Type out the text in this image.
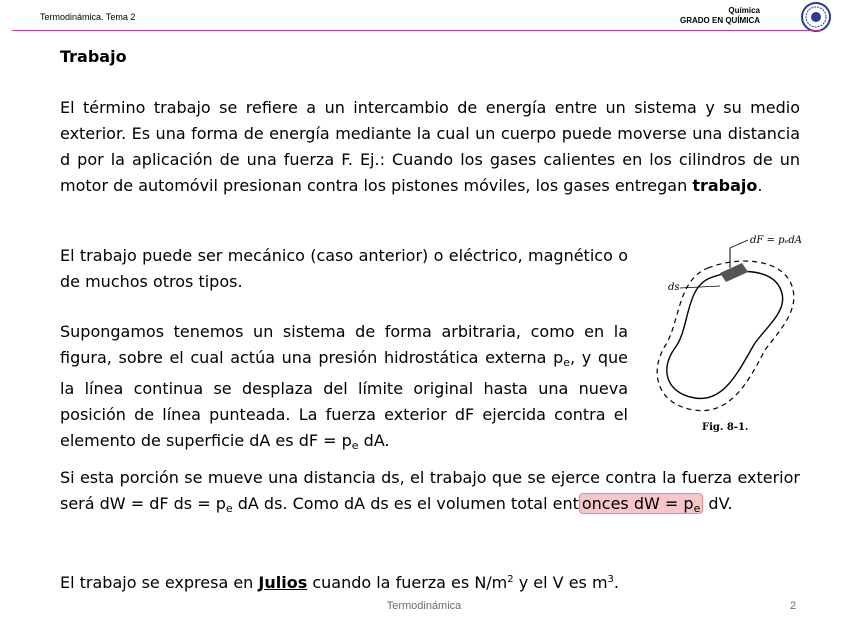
Termodinámica. Tema 2
Química
GRADO EN QUÍMICA
Trabajo

El término trabajo se refiere a un intercambio de energía entre un sistema y su medio exterior. Es una forma de energía mediante la cual un cuerpo puede moverse una distancia d por la aplicación de una fuerza F. Ej.: Cuando los gases calientes en los cilindros de un motor de automóvil presionan contra los pistones móviles, los gases entregan trabajo.

El trabajo puede ser mecánico (caso anterior) o eléctrico, magnético o de muchos otros tipos.

Supongamos tenemos un sistema de forma arbitraria, como en la figura, sobre el cual actúa una presión hidrostática externa $p_e$, y que la línea continua se desplaza del límite original hasta una nueva posición de línea punteada. La fuerza exterior dF ejercida contra el elemento de superficie dA es dF = $p_e$ dA.

dF = pₑdA
ds
Fig. 8-1.

Si esta porción se mueve una distancia ds, el trabajo que se ejerce contra la fuerza exterior será dW = dF ds = $p_e$ dA ds. Como dA ds es el volumen total ent onces dW = $p_e$ dV.

El trabajo se expresa en Julios cuando la fuerza es $N/m^2$ y el V es $m^3$.

Termodinámica	2
